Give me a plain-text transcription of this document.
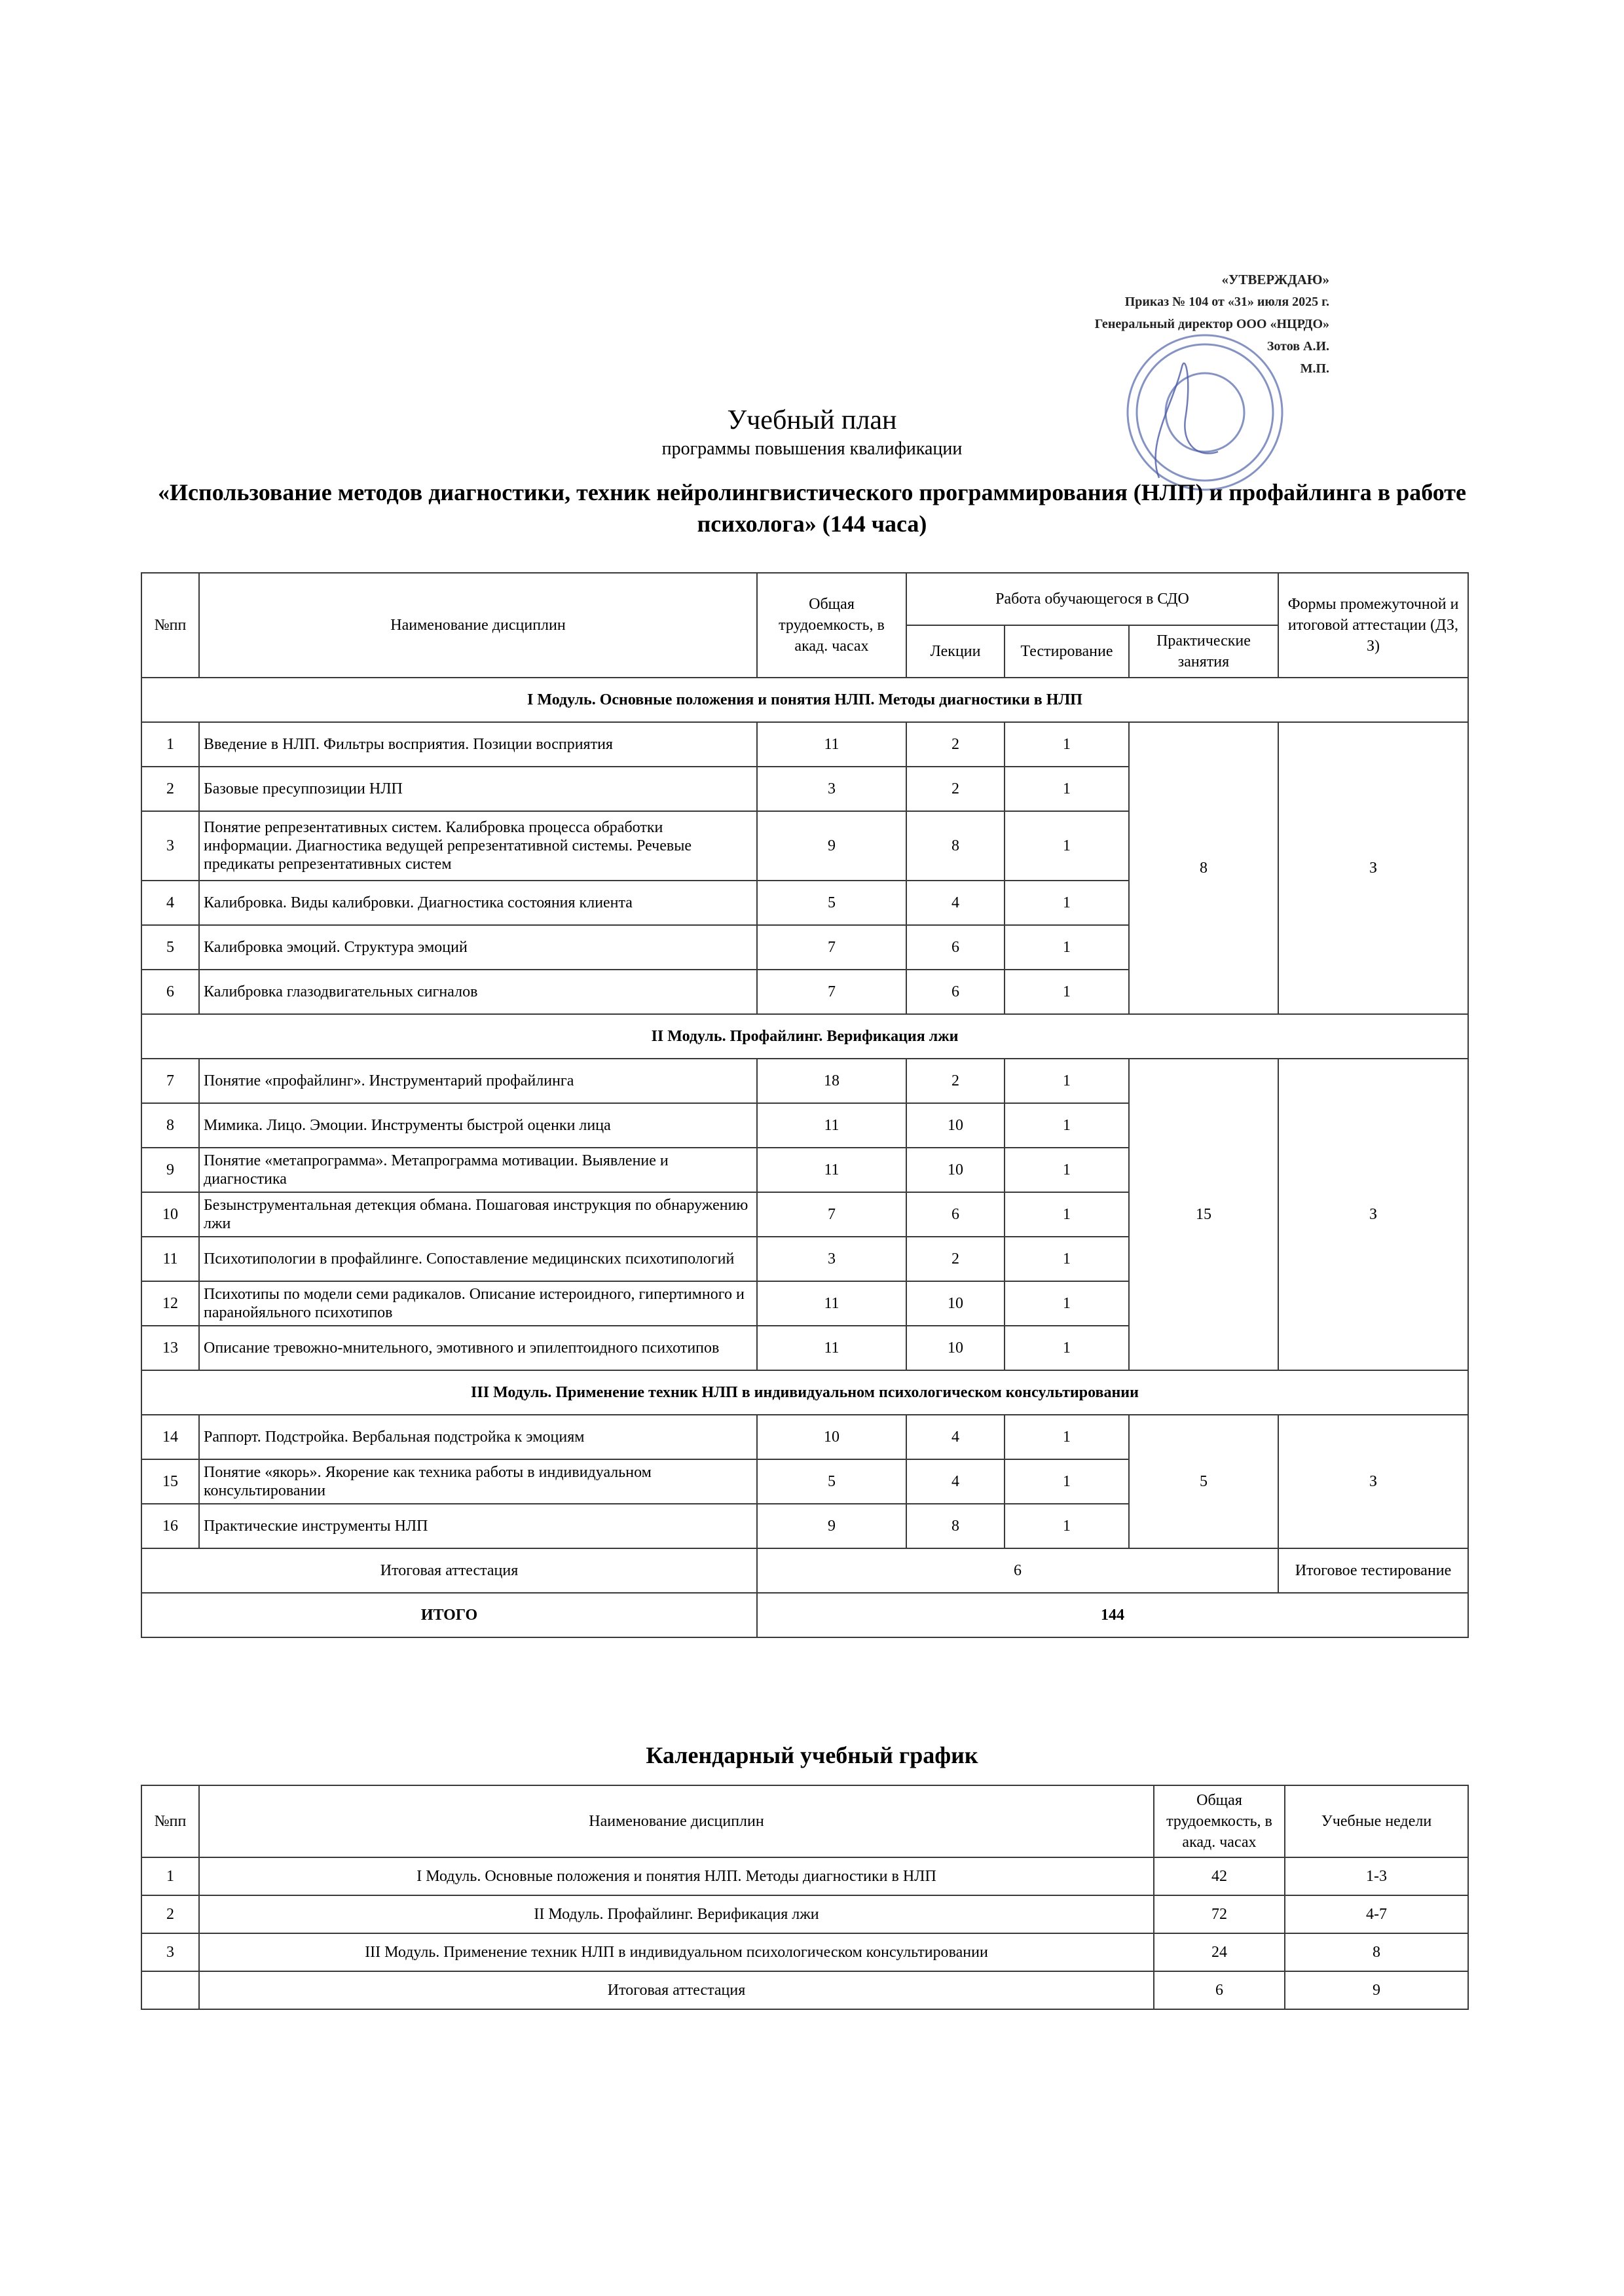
«УТВЕРЖДАЮ»
Приказ № 104 от «31» июля 2025 г.
Генеральный директор ООО «НЦРДО»
Зотов А.И.
М.П.
Учебный план
программы повышения квалификации
«Использование методов диагностики, техник нейролингвистического программирования (НЛП) и профайлинга в работе психолога» (144 часа)
№пп	Наименование дисциплин	Общая трудоемкость, в акад. часах	Работа обучающегося в СДО			Формы промежуточной и итоговой аттестации (ДЗ, З)
			Лекции	Тестирование	Практические занятия	
I Модуль. Основные положения и понятия НЛП. Методы диагностики в НЛП						
1	Введение в НЛП. Фильтры восприятия. Позиции восприятия	11	2	1	8	З
2	Базовые пресуппозиции НЛП	3	2	1		
3	Понятие репрезентативных систем. Калибровка процесса обработки информации. Диагностика ведущей репрезентативной системы. Речевые предикаты репрезентативных систем	9	8	1		
4	Калибровка. Виды калибровки. Диагностика состояния клиента	5	4	1		
5	Калибровка эмоций. Структура эмоций	7	6	1		
6	Калибровка глазодвигательных сигналов	7	6	1		
II Модуль. Профайлинг. Верификация лжи						
7	Понятие «профайлинг». Инструментарий профайлинга	18	2	1	15	З
8	Мимика. Лицо. Эмоции. Инструменты быстрой оценки лица	11	10	1		
9	Понятие «метапрограмма». Метапрограмма мотивации. Выявление и диагностика	11	10	1		
10	Безынструментальная детекция обмана. Пошаговая инструкция по обнаружению лжи	7	6	1		
11	Психотипологии в профайлинге. Сопоставление медицинских психотипологий	3	2	1		
12	Психотипы по модели семи радикалов. Описание истероидного, гипертимного и паранойяльного психотипов	11	10	1		
13	Описание тревожно-мнительного, эмотивного и эпилептоидного психотипов	11	10	1		
III Модуль. Применение техник НЛП в индивидуальном психологическом консультировании						
14	Раппорт. Подстройка. Вербальная подстройка к эмоциям	10	4	1	5	З
15	Понятие «якорь». Якорение как техника работы в индивидуальном консультировании	5	4	1		
16	Практические инструменты НЛП	9	8	1		
Итоговая аттестация		6				Итоговое тестирование
ИТОГО		144				
Календарный учебный график
№пп	Наименование дисциплин	Общая трудоемкость, в акад. часах	Учебные недели
1	I Модуль. Основные положения и понятия НЛП. Методы диагностики в НЛП	42	1-3
2	II Модуль. Профайлинг. Верификация лжи	72	4-7
3	III Модуль. Применение техник НЛП в индивидуальном психологическом консультировании	24	8
	Итоговая аттестация	6	9
